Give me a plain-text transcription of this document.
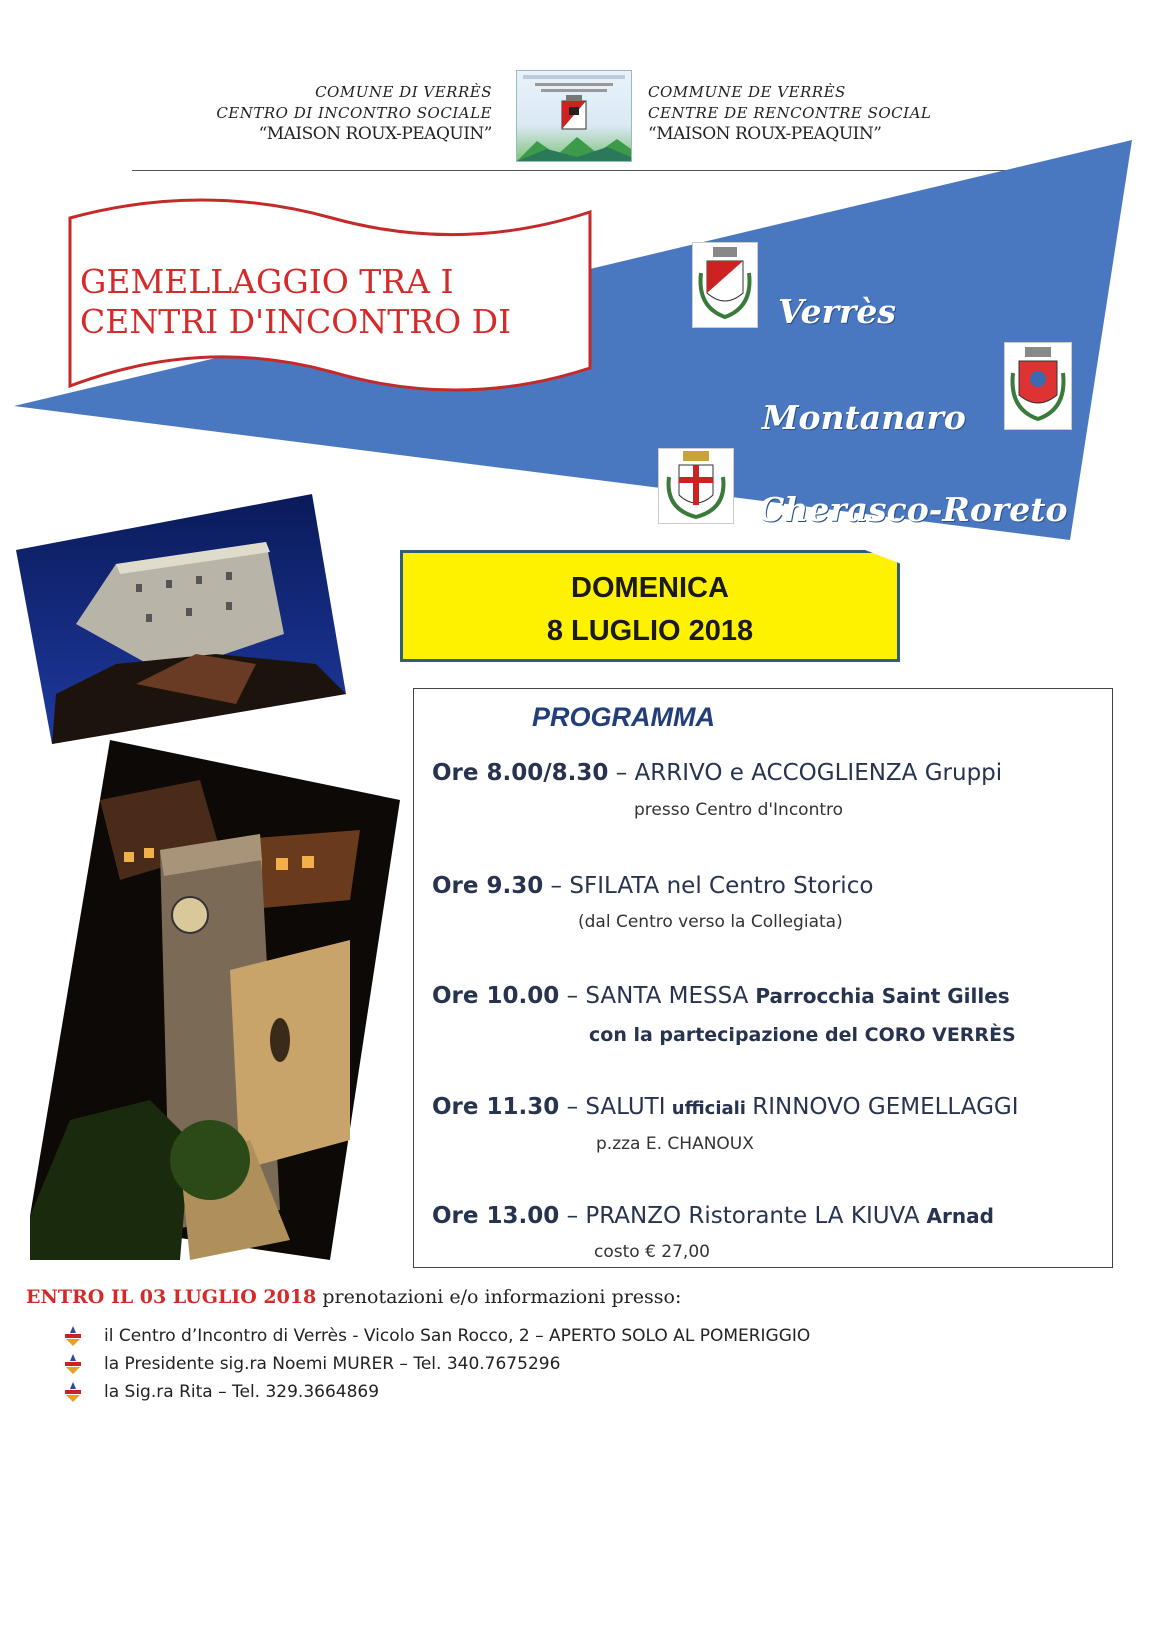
COMUNE DI VERRÈS
CENTRO DI INCONTRO SOCIALE
“MAISON ROUX-PEAQUIN”
COMMUNE DE VERRÈS
CENTRE DE RENCONTRE SOCIAL
“MAISON ROUX-PEAQUIN”
GEMELLAGGIO TRA I
CENTRI D'INCONTRO DI	Verrès
Montanaro
Cherasco-Roreto
DOMENICA
8 LUGLIO 2018
PROGRAMMA
Ore 8.00/8.30 – ARRIVO e ACCOGLIENZA Gruppi
presso Centro d'Incontro
Ore 9.30 – SFILATA nel Centro Storico
(dal Centro verso la Collegiata)
Ore 10.00 – SANTA MESSA Parrocchia Saint Gilles
con la partecipazione del CORO VERRÈS
Ore 11.30 – SALUTI ufficiali RINNOVO GEMELLAGGI
p.zza E. CHANOUX
Ore 13.00 – PRANZO Ristorante LA KIUVA Arnad
costo € 27,00
ENTRO IL 03 LUGLIO 2018 prenotazioni e/o informazioni presso:
il Centro d’Incontro di Verrès - Vicolo San Rocco, 2 – APERTO SOLO AL POMERIGGIO
la Presidente sig.ra Noemi MURER – Tel. 340.7675296
la Sig.ra Rita – Tel. 329.3664869
